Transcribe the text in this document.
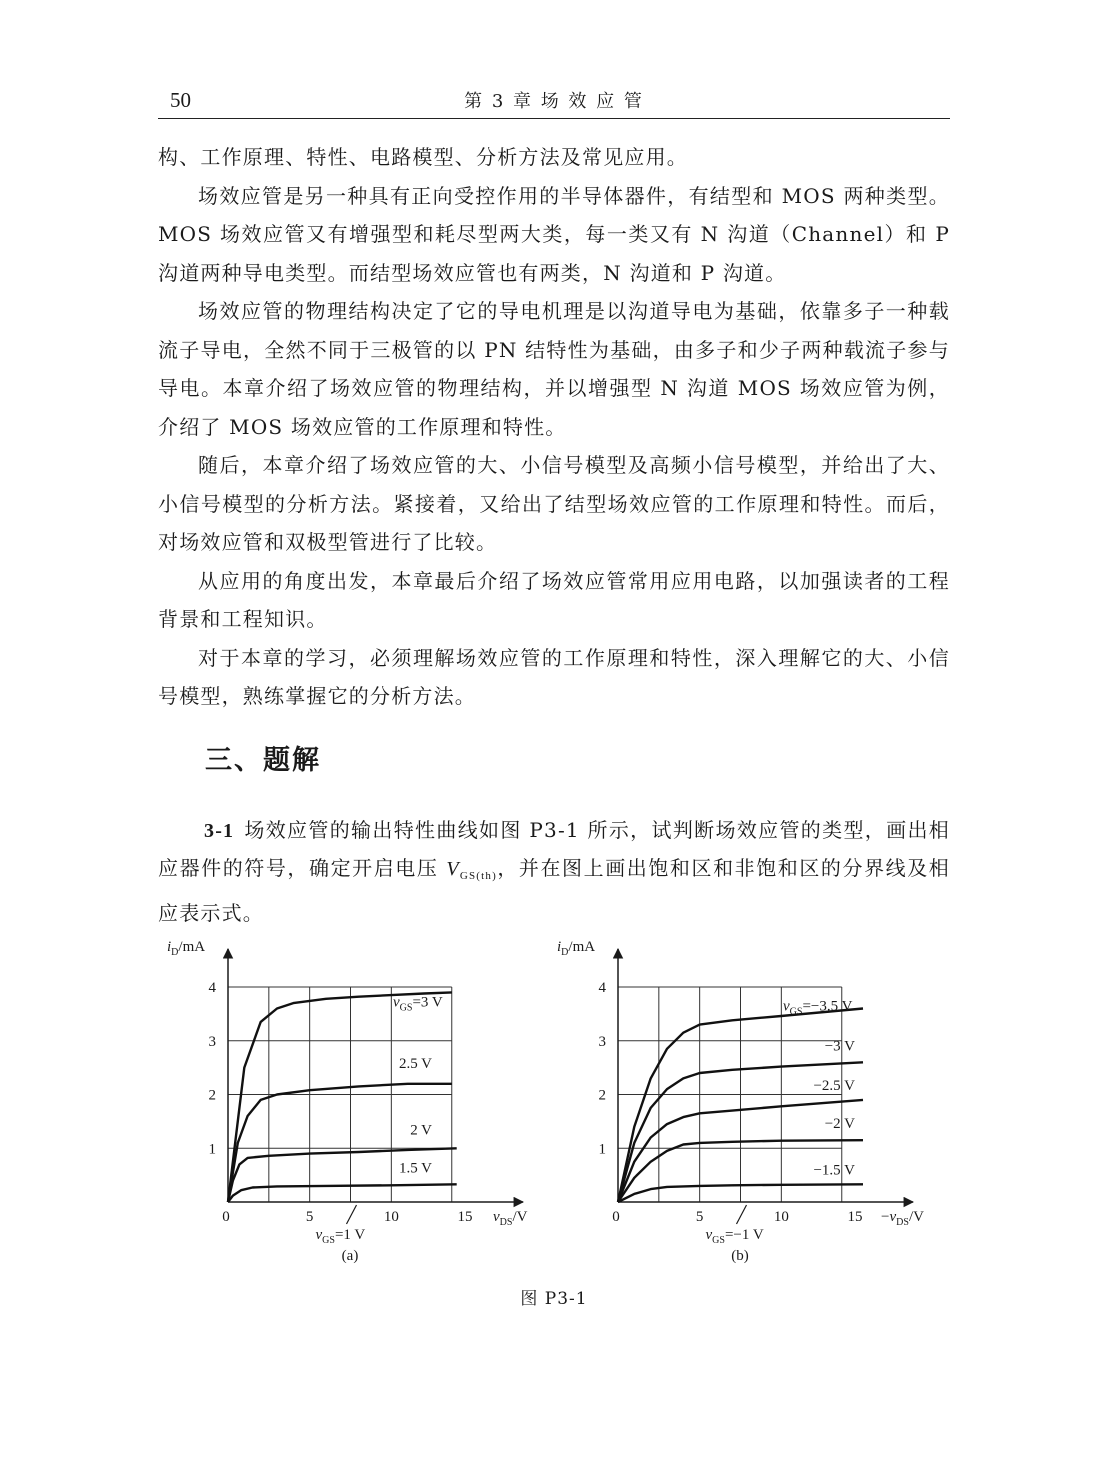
50	第 3 章 场 效 应 管

构、工作原理、特性、电路模型、分析方法及常见应用。

场效应管是另一种具有正向受控作用的半导体器件，有结型和 MOS 两种类型。MOS 场效应管又有增强型和耗尽型两大类，每一类又有 N 沟道（Channel）和 P 沟道两种导电类型。而结型场效应管也有两类，N 沟道和 P 沟道。

场效应管的物理结构决定了它的导电机理是以沟道导电为基础，依靠多子一种载流子导电，全然不同于三极管的以 PN 结特性为基础，由多子和少子两种载流子参与导电。本章介绍了场效应管的物理结构，并以增强型 N 沟道 MOS 场效应管为例，介绍了 MOS 场效应管的工作原理和特性。

随后，本章介绍了场效应管的大、小信号模型及高频小信号模型，并给出了大、小信号模型的分析方法。紧接着，又给出了结型场效应管的工作原理和特性。而后，对场效应管和双极型管进行了比较。

从应用的角度出发，本章最后介绍了场效应管常用应用电路，以加强读者的工程背景和工程知识。

对于本章的学习，必须理解场效应管的工作原理和特性，深入理解它的大、小信号模型，熟练掌握它的分析方法。

三、题解

3-1 场效应管的输出特性曲线如图 P3-1 所示，试判断场效应管的类型，画出相应器件的符号，确定开启电压 $V_{GS(th)}$，并在图上画出饱和区和非饱和区的分界线及相应表示式。

1
2
3
4
0	5	10	15
$i_D/mA$
$v_{DS}/V$
$v_{GS}=3$ V
2.5 V
2 V
1.5 V
$v_{GS}=1$ V
(a)
1
2
3
4
0	5	10	15
$i_D/mA$
$-v_{DS}/V$
$v_{GS}=-3.5$ V
−3 V
−2.5 V
−2 V
−1.5 V
$v_{GS}=-1$ V
(b)
图 P3-1
